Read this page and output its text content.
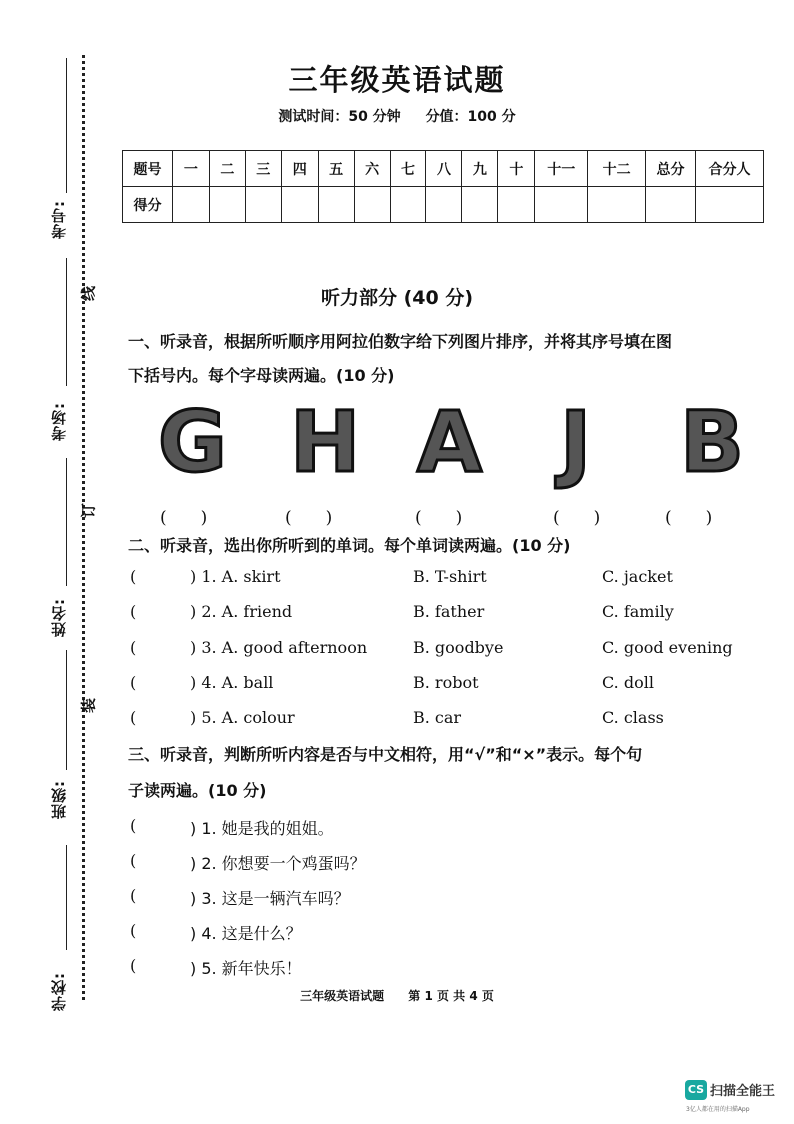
考号:
考场:
姓名:
班级:
学校:
线
订
装
三年级英语试题
测试时间：50 分钟 分值：100 分
题号	一	二	三	四	五	六	七	八	九	十	十一	十二	总分	合分人
得分														
听力部分 (40 分)
一、听录音，根据所听顺序用阿拉伯数字给下列图片排序，并将其序号填在图
下括号内。每个字母读两遍。(10 分)
G H A J B
(　　)	(　　)	(　　)	(　　)	(　　)
二、听录音，选出你所听到的单词。每个单词读两遍。(10 分)
(	) 1. A. skirt	B. T-shirt	C. jacket
(	) 2. A. friend	B. father	C. family
(	) 3. A. good afternoon	B. goodbye	C. good evening
(	) 4. A. ball	B. robot	C. doll
(	) 5. A. colour	B. car	C. class
三、听录音，判断所听内容是否与中文相符，用“√”和“×”表示。每个句
子读两遍。(10 分)
(	) 1. 她是我的姐姐。
(	) 2. 你想要一个鸡蛋吗？
(	) 3. 这是一辆汽车吗？
(	) 4. 这是什么？
(	) 5. 新年快乐！
三年级英语试题 第 1 页 共 4 页
CS 扫描全能王
3亿人都在用的扫描App
